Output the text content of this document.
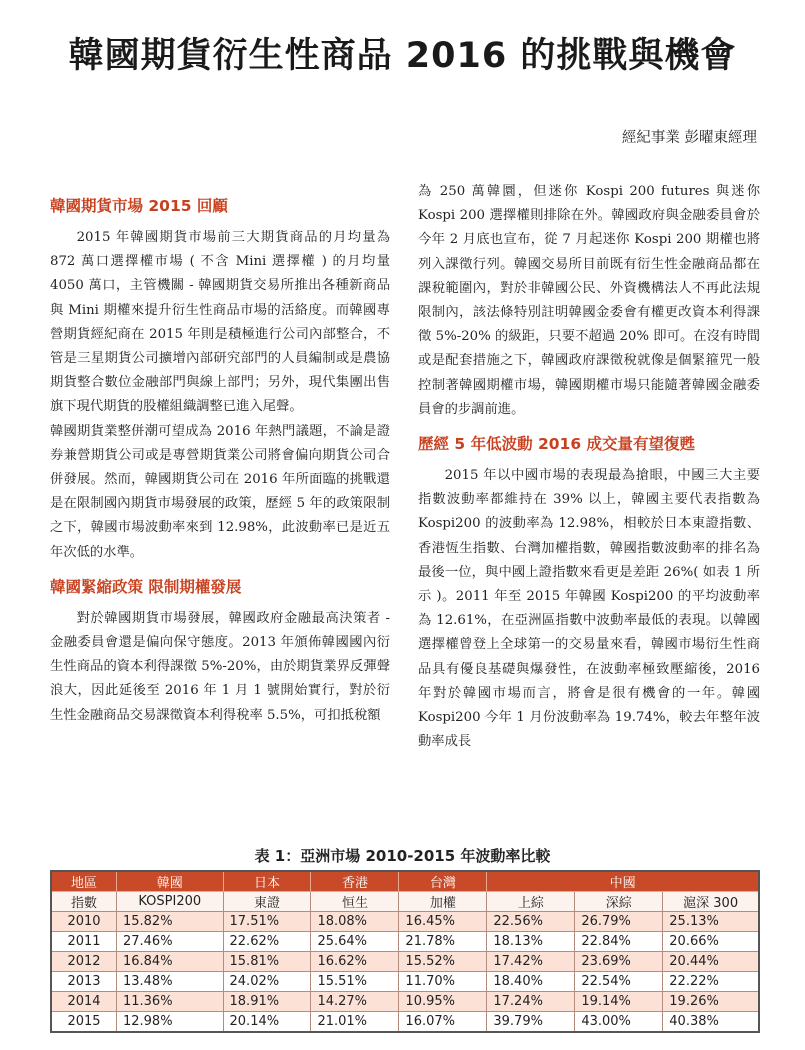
韓國期貨衍生性商品 2016 的挑戰與機會
經紀事業 彭曜東經理
韓國期貨市場 2015 回顧

2015 年韓國期貨市場前三大期貨商品的月均量為 872 萬口選擇權市場 ( 不含 Mini 選擇權 ) 的月均量 4050 萬口，主管機關 - 韓國期貨交易所推出各種新商品與 Mini 期權來提升衍生性商品市場的活絡度。而韓國專營期貨經紀商在 2015 年則是積極進行公司內部整合，不管是三星期貨公司擴增內部研究部門的人員編制或是農協期貨整合數位金融部門與線上部門；另外，現代集團出售旗下現代期貨的股權組織調整已進入尾聲。

韓國期貨業整併潮可望成為 2016 年熱門議題，不論是證券兼營期貨公司或是專營期貨業公司將會偏向期貨公司合併發展。然而，韓國期貨公司在 2016 年所面臨的挑戰還是在限制國內期貨市場發展的政策，歷經 5 年的政策限制之下，韓國市場波動率來到 12.98%，此波動率已是近五年次低的水準。

韓國緊縮政策 限制期權發展

對於韓國期貨市場發展，韓國政府金融最高決策者 - 金融委員會還是偏向保守態度。2013 年頒佈韓國國內衍生性商品的資本利得課徵 5%-20%，由於期貨業界反彈聲浪大，因此延後至 2016 年 1 月 1 號開始實行，對於衍生性金融商品交易課徵資本利得稅率 5.5%，可扣抵稅額

為 250 萬韓圜，但迷你 Kospi 200 futures 與迷你 Kospi 200 選擇權則排除在外。韓國政府與金融委員會於今年 2 月底也宣布，從 7 月起迷你 Kospi 200 期權也將列入課徵行列。韓國交易所目前既有衍生性金融商品都在課稅範圍內，對於非韓國公民、外資機構法人不再此法規限制內，該法條特別註明韓國金委會有權更改資本利得課徵 5%-20% 的級距，只要不超過 20% 即可。在沒有時間或是配套措施之下，韓國政府課徵稅就像是個緊箍咒一般控制著韓國期權市場，韓國期權市場只能隨著韓國金融委員會的步調前進。

歷經 5 年低波動 2016 成交量有望復甦

2015 年以中國市場的表現最為搶眼，中國三大主要指數波動率都維持在 39% 以上，韓國主要代表指數為 Kospi200 的波動率為 12.98%，相較於日本東證指數、香港恆生指數、台灣加權指數，韓國指數波動率的排名為最後一位，與中國上證指數來看更是差距 26%( 如表 1 所示 )。2011 年至 2015 年韓國 Kospi200 的平均波動率為 12.61%，在亞洲區指數中波動率最低的表現。以韓國選擇權曾登上全球第一的交易量來看，韓國市場衍生性商品具有優良基礎與爆發性，在波動率極致壓縮後，2016 年對於韓國市場而言，將會是很有機會的一年。韓國 Kospi200 今年 1 月份波動率為 19.74%，較去年整年波動率成長

表 1：亞洲市場 2010-2015 年波動率比較
地區	韓國	日本	香港	台灣	中國		
指數	KOSPI200	東證	恒生	加權	上綜	深綜	滬深 300
2010	15.82%	17.51%	18.08%	16.45%	22.56%	26.79%	25.13%
2011	27.46%	22.62%	25.64%	21.78%	18.13%	22.84%	20.66%
2012	16.84%	15.81%	16.62%	15.52%	17.42%	23.69%	20.44%
2013	13.48%	24.02%	15.51%	11.70%	18.40%	22.54%	22.22%
2014	11.36%	18.91%	14.27%	10.95%	17.24%	19.14%	19.26%
2015	12.98%	20.14%	21.01%	16.07%	39.79%	43.00%	40.38%
